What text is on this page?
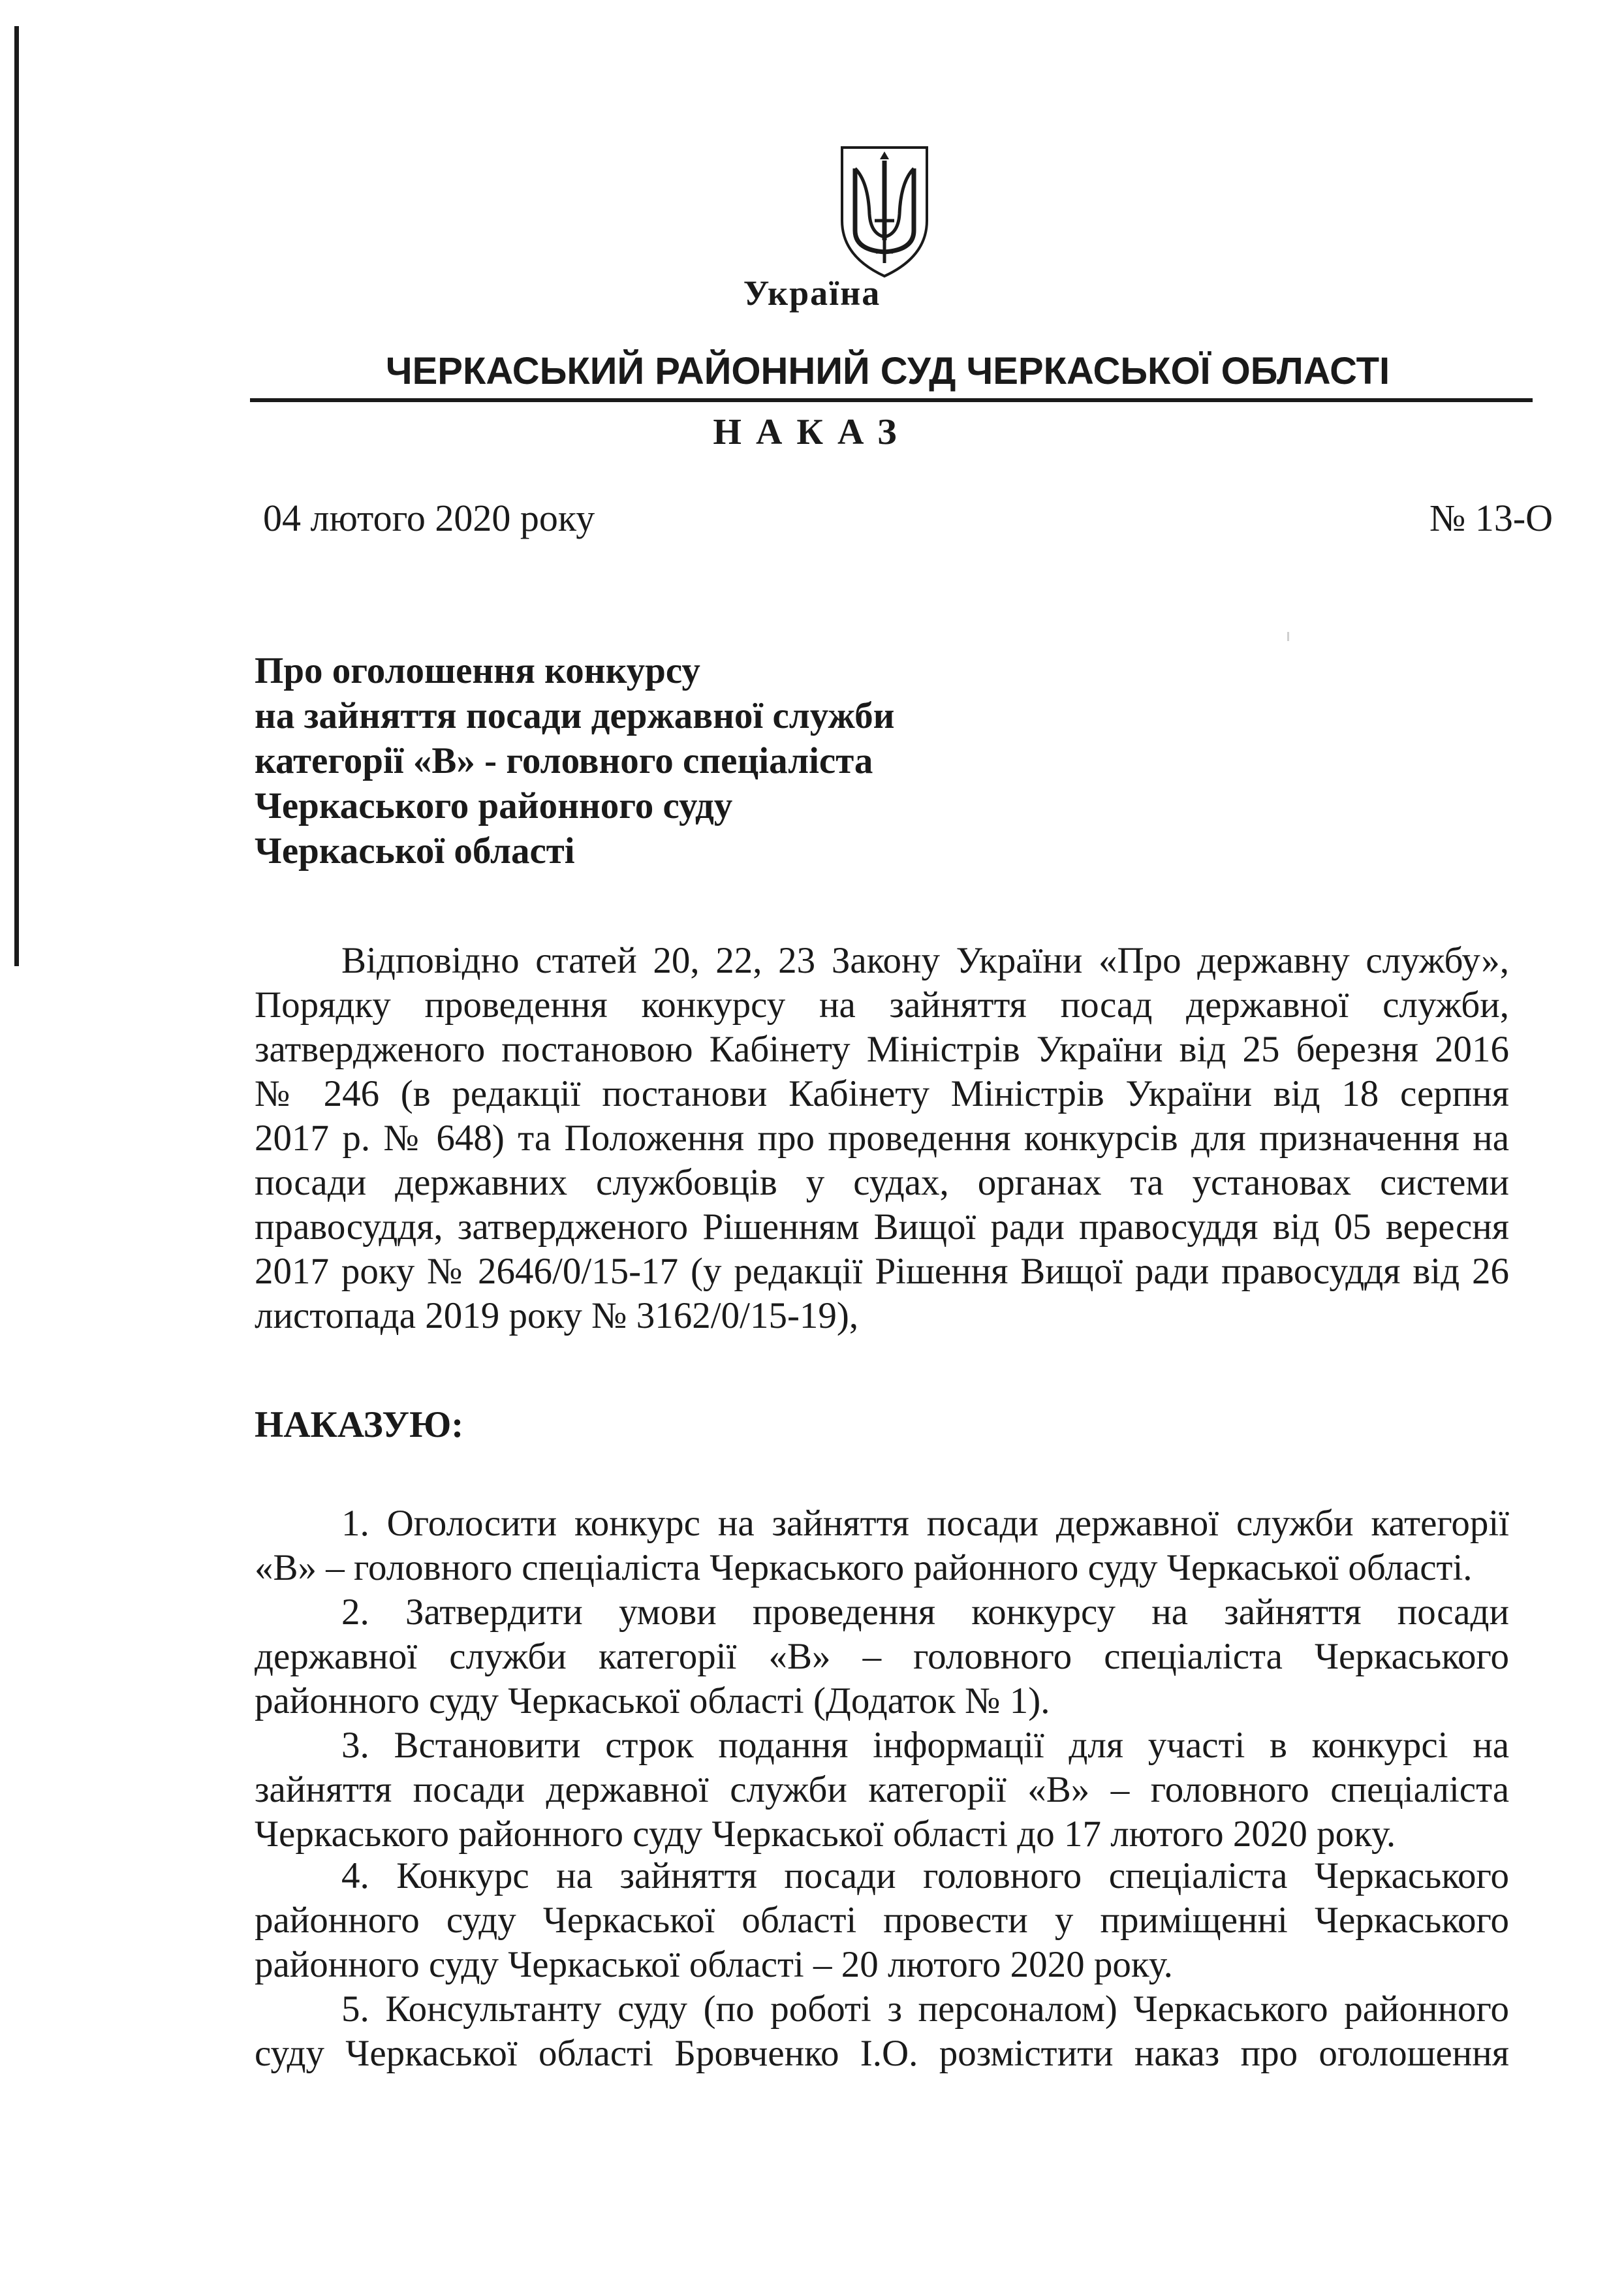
Україна
ЧЕРКАСЬКИЙ РАЙОННИЙ СУД ЧЕРКАСЬКОЇ ОБЛАСТІ
НАКАЗ
04 лютого 2020 року	№ 13-О
Про оголошення конкурсу
на зайняття посади державної служби
категорії «В» - головного спеціаліста
Черкаського районного суду
Черкаської області
Відповідно статей 20, 22, 23 Закону України «Про державну службу»,
Порядку проведення конкурсу на зайняття посад державної служби,
затвердженого постановою Кабінету Міністрів України від 25 березня 2016
№ 246 (в редакції постанови Кабінету Міністрів України від 18 серпня
2017 р. № 648) та Положення про проведення конкурсів для призначення на
посади державних службовців у судах, органах та установах системи
правосуддя, затвердженого Рішенням Вищої ради правосуддя від 05 вересня
2017 року № 2646/0/15-17 (у редакції Рішення Вищої ради правосуддя від 26
листопада 2019 року № 3162/0/15-19),
НАКАЗУЮ:
1. Оголосити конкурс на зайняття посади державної служби категорії
«В» – головного спеціаліста Черкаського районного суду Черкаської області.
2. Затвердити умови проведення конкурсу на зайняття посади
державної служби категорії «В» – головного спеціаліста Черкаського
районного суду Черкаської області (Додаток № 1).
3. Встановити строк подання інформації для участі в конкурсі на
зайняття посади державної служби категорії «В» – головного спеціаліста
Черкаського районного суду Черкаської області до 17 лютого 2020 року.
4. Конкурс на зайняття посади головного спеціаліста Черкаського
районного суду Черкаської області провести у приміщенні Черкаського
районного суду Черкаської області – 20 лютого 2020 року.
5. Консультанту суду (по роботі з персоналом) Черкаського районного
суду Черкаської області Бровченко І.О. розмістити наказ про оголошення
